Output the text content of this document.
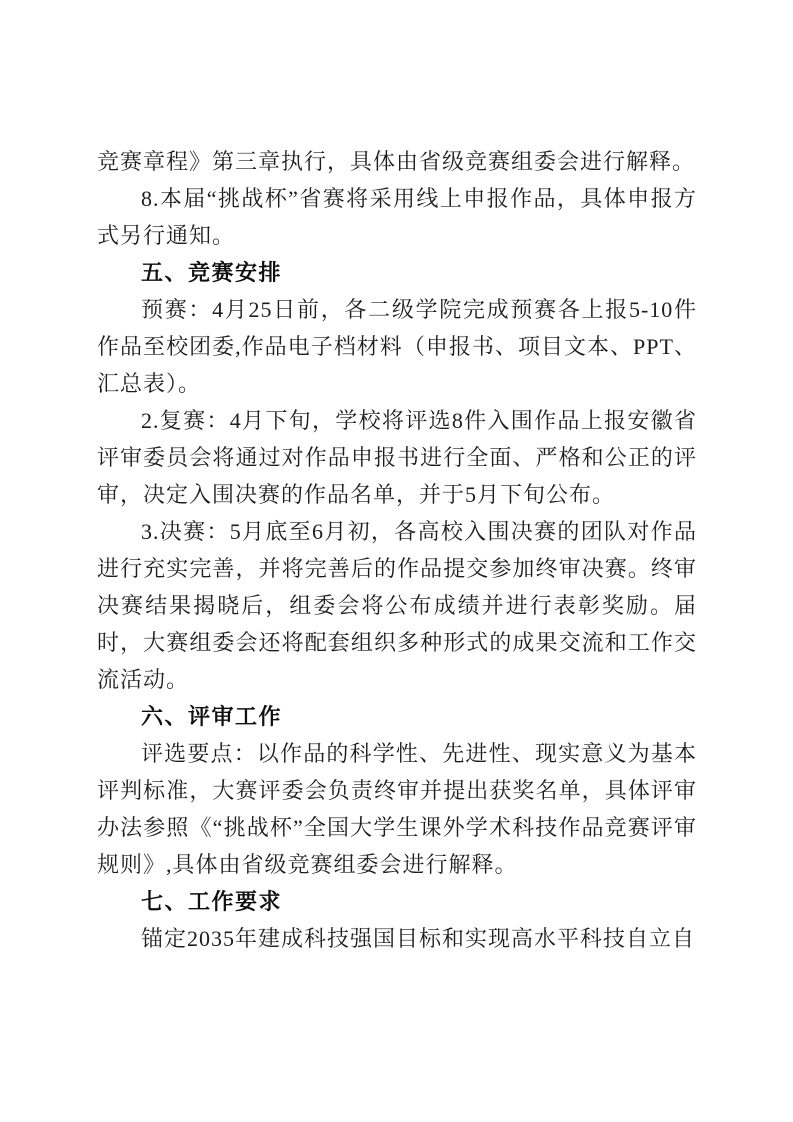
竞赛章程》第三章执行，具体由省级竞赛组委会进行解释。

8.本届“挑战杯”省赛将采用线上申报作品，具体申报方式另行通知。

五、竞赛安排

预赛：4月25日前，各二级学院完成预赛各上报5-10件作品至校团委,作品电子档材料（申报书、项目文本、PPT、汇总表）。

2.复赛：4月下旬，学校将评选8件入围作品上报安徽省评审委员会将通过对作品申报书进行全面、严格和公正的评审，决定入围决赛的作品名单，并于5月下旬公布。

3.决赛：5月底至6月初，各高校入围决赛的团队对作品进行充实完善，并将完善后的作品提交参加终审决赛。终审决赛结果揭晓后，组委会将公布成绩并进行表彰奖励。届时，大赛组委会还将配套组织多种形式的成果交流和工作交流活动。

六、评审工作

评选要点：以作品的科学性、先进性、现实意义为基本评判标准，大赛评委会负责终审并提出获奖名单，具体评审办法参照《“挑战杯”全国大学生课外学术科技作品竞赛评审规则》,具体由省级竞赛组委会进行解释。

七、工作要求

锚定2035年建成科技强国目标和实现高水平科技自立自
